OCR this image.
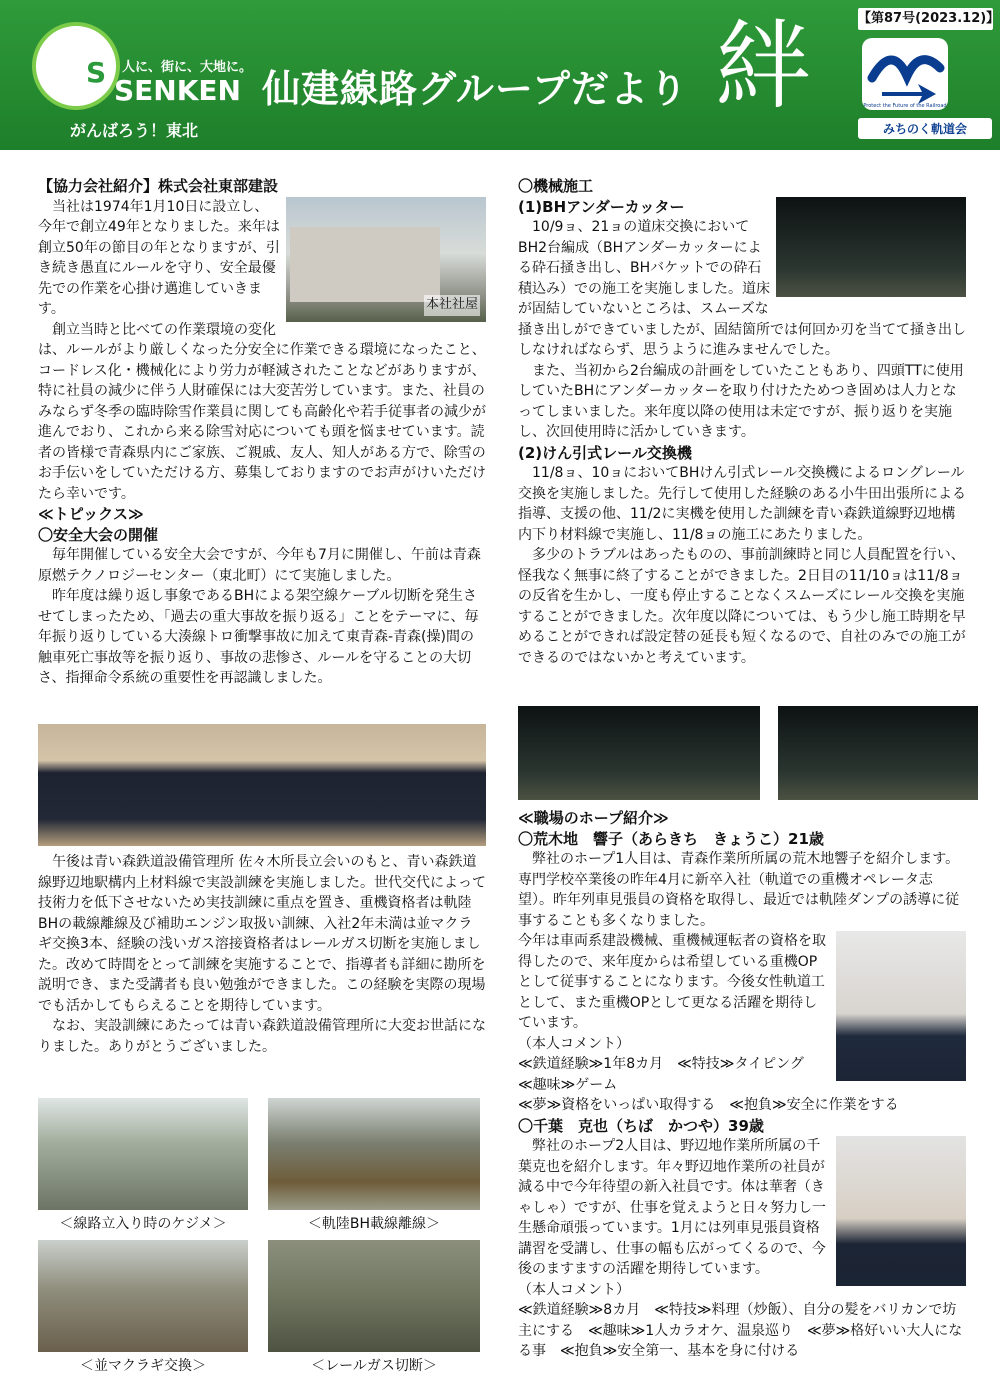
S 人に、街に、大地に。
SENKEN
がんばろう！東北
仙建線路グループだより 絆	【第87号(2023.12)】
Protect the Future of the Railroad
みちのく軌道会
【協力会社紹介】株式会社東部建設
本社社屋

当社は1974年1月10日に設立し、今年で創立49年となりました。来年は創立50年の節目の年となりますが、引き続き愚直にルールを守り、安全最優先での作業を心掛け邁進していきます。

創立当時と比べての作業環境の変化は、ルールがより厳しくなった分安全に作業できる環境になったこと、コードレス化・機械化により労力が軽減されたことなどがありますが、特に社員の減少に伴う人財確保には大変苦労しています。また、社員のみならず冬季の臨時除雪作業員に関しても高齢化や若手従事者の減少が進んでおり、これから来る除雪対応についても頭を悩ませています。読者の皆様で青森県内にご家族、ご親戚、友人、知人がある方で、除雪のお手伝いをしていただける方、募集しておりますのでお声がけいただけたら幸いです。

≪トピックス≫
〇安全大会の開催

毎年開催している安全大会ですが、今年も7月に開催し、午前は青森原燃テクノロジーセンター（東北町）にて実施しました。

昨年度は繰り返し事象であるBHによる架空線ケーブル切断を発生させてしまったため、「過去の重大事故を振り返る」ことをテーマに、毎年振り返りしている大湊線トロ衝撃事故に加えて東青森-青森(操)間の触車死亡事故等を振り返り、事故の悲惨さ、ルールを守ることの大切さ、指揮命令系統の重要性を再認識しました。

午後は青い森鉄道設備管理所 佐々木所長立会いのもと、青い森鉄道線野辺地駅構内上材料線で実設訓練を実施しました。世代交代によって技術力を低下させないため実技訓練に重点を置き、重機資格者は軌陸BHの載線離線及び補助エンジン取扱い訓練、入社2年未満は並マクラギ交換3本、経験の浅いガス溶接資格者はレールガス切断を実施しました。改めて時間をとって訓練を実施することで、指導者も詳細に勘所を説明でき、また受講者も良い勉強ができました。この経験を実際の現場でも活かしてもらえることを期待しています。

なお、実設訓練にあたっては青い森鉄道設備管理所に大変お世話になりました。ありがとうございました。

＜線路立入り時のケジメ＞	＜軌陸BH載線離線＞
＜並マクラギ交換＞	＜レールガス切断＞
〇機械施工
(1)BHアンダーカッター

10/9ョ、21ョの道床交換においてBH2台編成（BHアンダーカッターによる砕石掻き出し、BHバケットでの砕石積込み）での施工を実施しました。道床が固結していないところは、スムーズな掻き出しができていましたが、固結箇所では何回か刃を当てて掻き出ししなければならず、思うように進みませんでした。

また、当初から2台編成の計画をしていたこともあり、四頭TTに使用していたBHにアンダーカッターを取り付けたためつき固めは人力となってしまいました。来年度以降の使用は未定ですが、振り返りを実施し、次回使用時に活かしていきます。

(2)けん引式レール交換機

11/8ョ、10ョにおいてBHけん引式レール交換機によるロングレール交換を実施しました。先行して使用した経験のある小牛田出張所による指導、支援の他、11/2に実機を使用した訓練を青い森鉄道線野辺地構内下り材料線で実施し、11/8ョの施工にあたりました。

多少のトラブルはあったものの、事前訓練時と同じ人員配置を行い、怪我なく無事に終了することができました。2日目の11/10ョは11/8ョの反省を生かし、一度も停止することなくスムーズにレール交換を実施することができました。次年度以降については、もう少し施工時期を早めることができれば設定替の延長も短くなるので、自社のみでの施工ができるのではないかと考えています。

≪職場のホープ紹介≫
〇荒木地　響子（あらきち　きょうこ）21歳

弊社のホープ1人目は、青森作業所所属の荒木地響子を紹介します。専門学校卒業後の昨年4月に新卒入社（軌道での重機オペレータ志望）。昨年列車見張員の資格を取得し、最近では軌陸ダンプの誘導に従事することも多くなりました。

今年は車両系建設機械、重機械運転者の資格を取得したので、来年度からは希望している重機OPとして従事することになります。今後女性軌道工として、また重機OPとして更なる活躍を期待しています。
（本人コメント）
≪鉄道経験≫1年8カ月　≪特技≫タイピング　≪趣味≫ゲーム
≪夢≫資格をいっぱい取得する　≪抱負≫安全に作業をする
〇千葉　克也（ちば　かつや）39歳

弊社のホープ2人目は、野辺地作業所所属の千葉克也を紹介します。年々野辺地作業所の社員が減る中で今年待望の新入社員です。体は華奢（きゃしゃ）ですが、仕事を覚えようと日々努力し一生懸命頑張っています。1月には列車見張員資格講習を受講し、仕事の幅も広がってくるので、今後のますますの活躍を期待しています。

（本人コメント）
≪鉄道経験≫8カ月　≪特技≫料理（炒飯）、自分の髪をバリカンで坊主にする　≪趣味≫1人カラオケ、温泉巡り　≪夢≫格好いい大人になる事　≪抱負≫安全第一、基本を身に付ける
